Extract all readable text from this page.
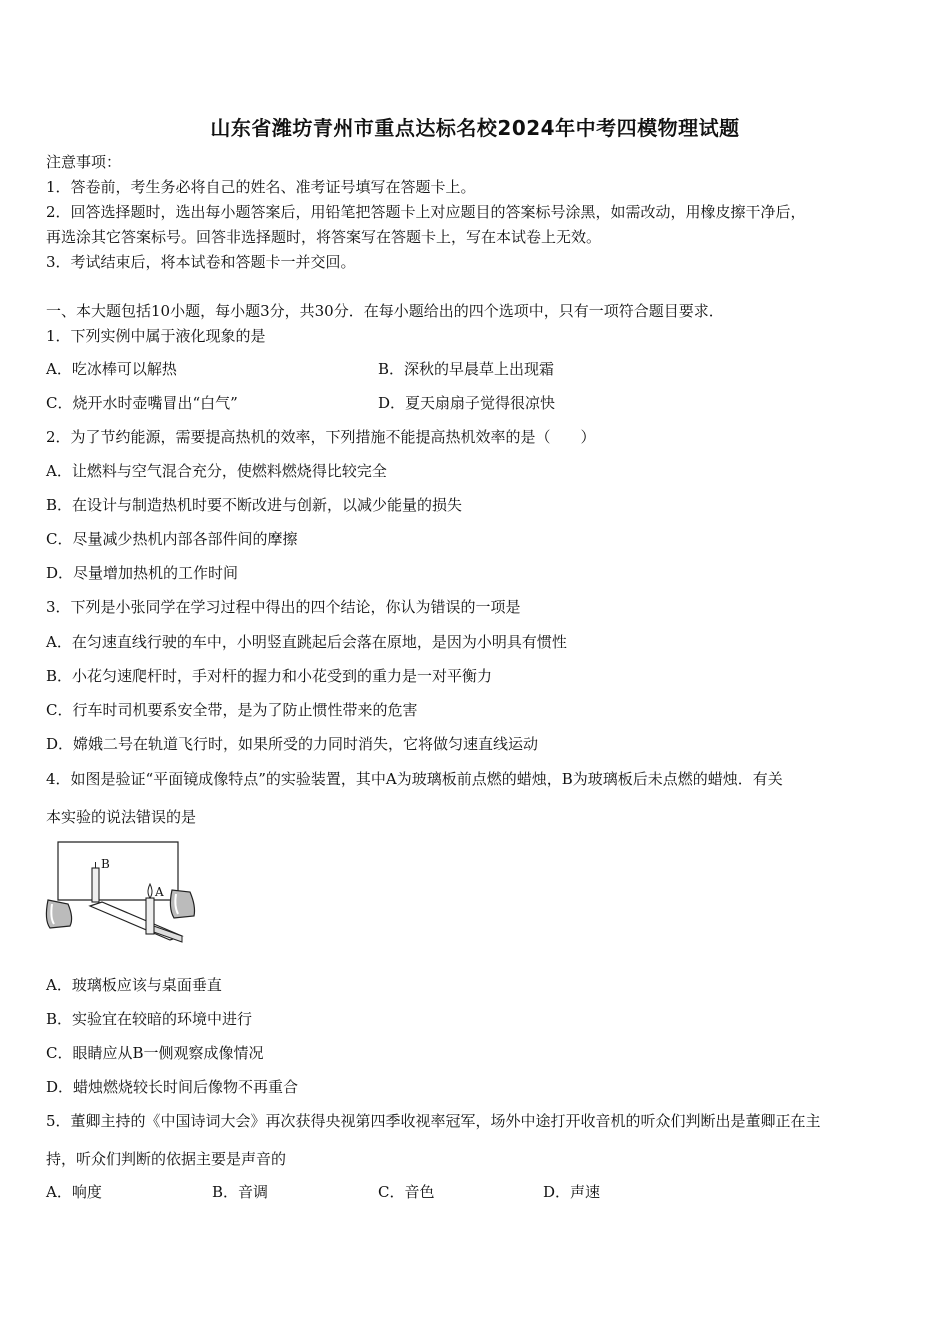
山东省潍坊青州市重点达标名校2024年中考四模物理试题
注意事项：
1．答卷前，考生务必将自己的姓名、准考证号填写在答题卡上。
2．回答选择题时，选出每小题答案后，用铅笔把答题卡上对应题目的答案标号涂黑，如需改动，用橡皮擦干净后，
再选涂其它答案标号。回答非选择题时，将答案写在答题卡上，写在本试卷上无效。
3．考试结束后，将本试卷和答题卡一并交回。
一、本大题包括10小题，每小题3分，共30分．在每小题给出的四个选项中，只有一项符合题目要求．
1．下列实例中属于液化现象的是
A．吃冰棒可以解热	B．深秋的早晨草上出现霜
C．烧开水时壶嘴冒出“白气”	D．夏天扇扇子觉得很凉快
2．为了节约能源，需要提高热机的效率，下列措施不能提高热机效率的是（　　）
A．让燃料与空气混合充分，使燃料燃烧得比较完全
B．在设计与制造热机时要不断改进与创新，以减少能量的损失
C．尽量减少热机内部各部件间的摩擦
D．尽量增加热机的工作时间
3．下列是小张同学在学习过程中得出的四个结论，你认为错误的一项是
A．在匀速直线行驶的车中，小明竖直跳起后会落在原地，是因为小明具有惯性
B．小花匀速爬杆时，手对杆的握力和小花受到的重力是一对平衡力
C．行车时司机要系安全带，是为了防止惯性带来的危害
D．嫦娥二号在轨道飞行时，如果所受的力同时消失，它将做匀速直线运动
4．如图是验证“平面镜成像特点”的实验装置，其中A为玻璃板前点燃的蜡烛，B为玻璃板后未点燃的蜡烛．有关
本实验的说法错误的是
B
A
A．玻璃板应该与桌面垂直
B．实验宜在较暗的环境中进行
C．眼睛应从B一侧观察成像情况
D．蜡烛燃烧较长时间后像物不再重合
5．董卿主持的《中国诗词大会》再次获得央视第四季收视率冠军，场外中途打开收音机的听众们判断出是董卿正在主
持，听众们判断的依据主要是声音的
A．响度	B．音调	C．音色	D．声速
